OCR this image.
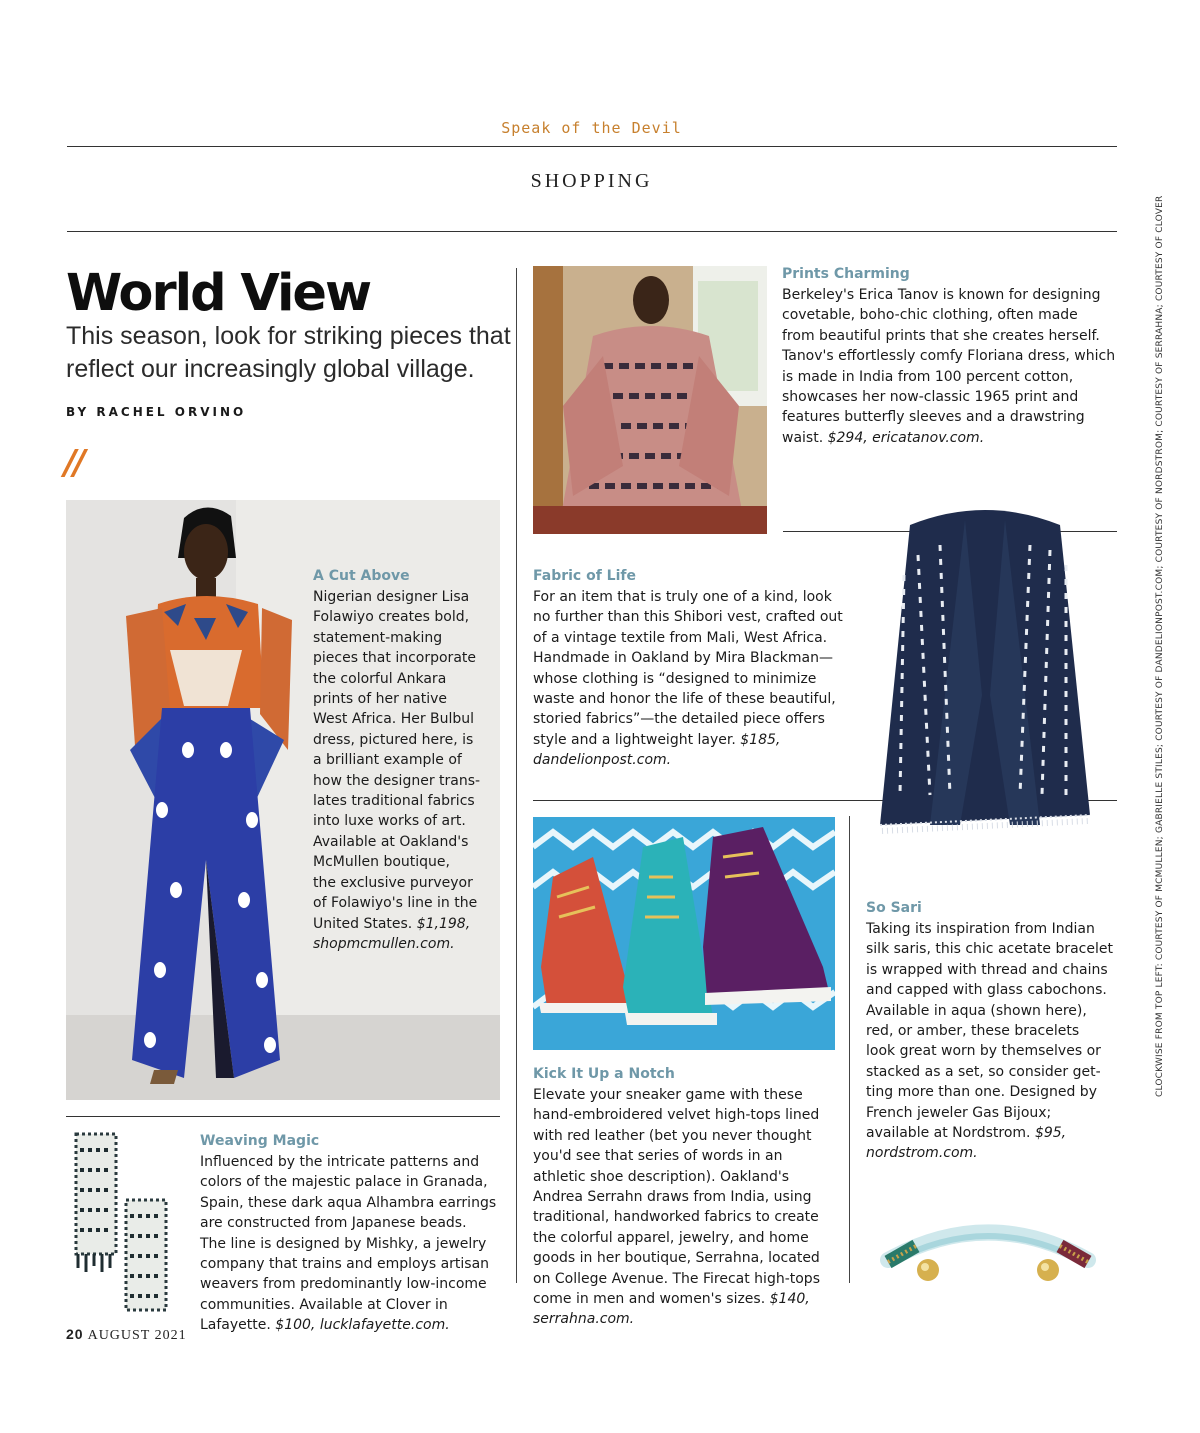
Speak of the Devil
SHOPPING
World View
This season, look for striking pieces that reflect our increasingly global village.
BY RACHEL ORVINO
//
A Cut Above
Nigerian designer Lisa
Folawiyo creates bold,
statement-making
pieces that incorporate
the colorful Ankara
prints of her native
West Africa. Her Bulbul
dress, pictured here, is
a brilliant example of
how the designer trans-
lates traditional fabrics
into luxe works of art.
Available at Oakland's
McMullen boutique,
the exclusive purveyor
of Folawiyo's line in the
United States. $1,198,
shopmcmullen.com.
Prints Charming
Berkeley's Erica Tanov is known for designing
covetable, boho-chic clothing, often made
from beautiful prints that she creates herself.
Tanov's effortlessly comfy Floriana dress, which
is made in India from 100 percent cotton,
showcases her now-classic 1965 print and
features butterfly sleeves and a drawstring
waist. $294, ericatanov.com.
Fabric of Life
For an item that is truly one of a kind, look
no further than this Shibori vest, crafted out
of a vintage textile from Mali, West Africa.
Handmade in Oakland by Mira Blackman—
whose clothing is “designed to minimize
waste and honor the life of these beautiful,
storied fabrics”—the detailed piece offers
style and a lightweight layer. $185,
dandelionpost.com.
Kick It Up a Notch
Elevate your sneaker game with these
hand-embroidered velvet high-tops lined
with red leather (bet you never thought
you'd see that series of words in an
athletic shoe description). Oakland's
Andrea Serrahn draws from India, using
traditional, handworked fabrics to create
the colorful apparel, jewelry, and home
goods in her boutique, Serrahna, located
on College Avenue. The Firecat high-tops
come in men and women's sizes. $140,
serrahna.com.
So Sari
Taking its inspiration from Indian
silk saris, this chic acetate bracelet
is wrapped with thread and chains
and capped with glass cabochons.
Available in aqua (shown here),
red, or amber, these bracelets
look great worn by themselves or
stacked as a set, so consider get-
ting more than one. Designed by
French jeweler Gas Bijoux;
available at Nordstrom. $95,
nordstrom.com.
Weaving Magic
Influenced by the intricate patterns and
colors of the majestic palace in Granada,
Spain, these dark aqua Alhambra earrings
are constructed from Japanese beads.
The line is designed by Mishky, a jewelry
company that trains and employs artisan
weavers from predominantly low-income
communities. Available at Clover in
Lafayette. $100, lucklafayette.com.
CLOCKWISE FROM TOP LEFT: COURTESY OF MCMULLEN; GABRIELLE STILES; COURTESY OF DANDELIONPOST.COM; COURTESY OF NORDSTROM; COURTESY OF SERRAHNA; COURTESY OF CLOVER
20 AUGUST 2021
